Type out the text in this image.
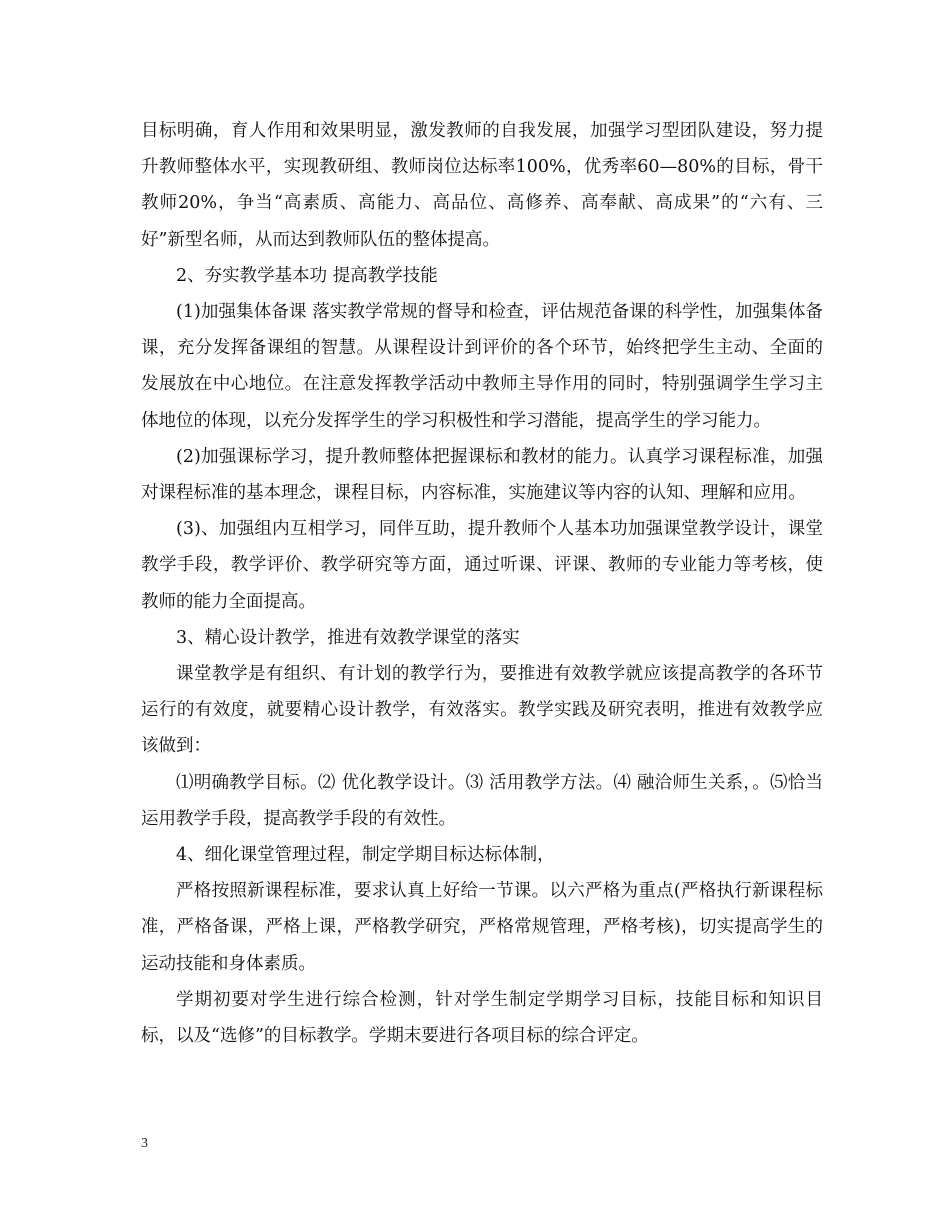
目标明确，育人作用和效果明显，激发教师的自我发展，加强学习型团队建设，努力提升教师整体水平，实现教研组、教师岗位达标率100%，优秀率60—80%的目标，骨干教师20%，争当“高素质、高能力、高品位、高修养、高奉献、高成果”的“六有、三好”新型名师，从而达到教师队伍的整体提高。

2、夯实教学基本功 提高教学技能

(1)加强集体备课 落实教学常规的督导和检查，评估规范备课的科学性，加强集体备课，充分发挥备课组的智慧。从课程设计到评价的各个环节，始终把学生主动、全面的发展放在中心地位。在注意发挥教学活动中教师主导作用的同时，特别强调学生学习主体地位的体现，以充分发挥学生的学习积极性和学习潜能，提高学生的学习能力。

(2)加强课标学习，提升教师整体把握课标和教材的能力。认真学习课程标准，加强对课程标准的基本理念，课程目标，内容标准，实施建议等内容的认知、理解和应用。

(3)、加强组内互相学习，同伴互助，提升教师个人基本功加强课堂教学设计，课堂教学手段，教学评价、教学研究等方面，通过听课、评课、教师的专业能力等考核，使教师的能力全面提高。

3、精心设计教学，推进有效教学课堂的落实

课堂教学是有组织、有计划的教学行为，要推进有效教学就应该提高教学的各环节运行的有效度，就要精心设计教学，有效落实。教学实践及研究表明，推进有效教学应该做到：

⑴明确教学目标。⑵ 优化教学设计。⑶ 活用教学方法。⑷ 融洽师生关系，。⑸恰当运用教学手段，提高教学手段的有效性。

4、细化课堂管理过程，制定学期目标达标体制，

严格按照新课程标准，要求认真上好给一节课。以六严格为重点(严格执行新课程标准，严格备课，严格上课，严格教学研究，严格常规管理，严格考核)，切实提高学生的运动技能和身体素质。

学期初要对学生进行综合检测，针对学生制定学期学习目标，技能目标和知识目标，以及“选修”的目标教学。学期末要进行各项目标的综合评定。

3
